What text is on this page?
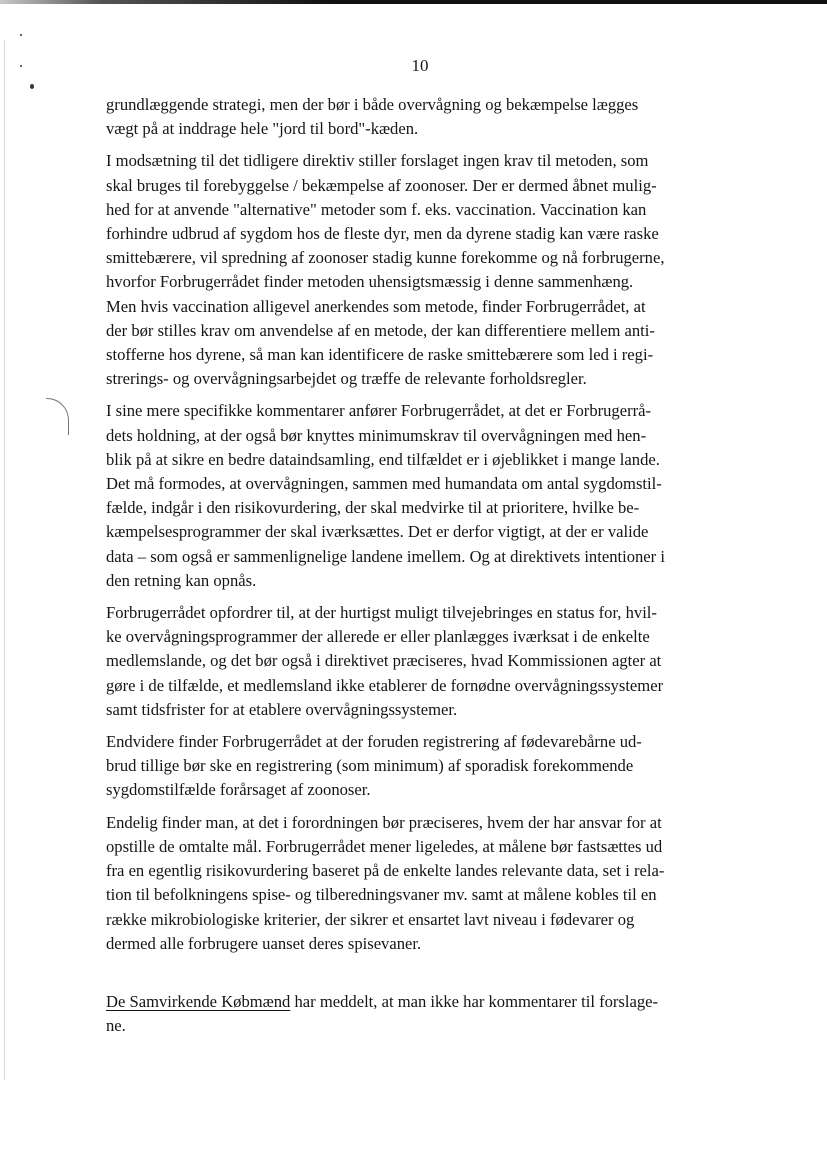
10

grundlæggende strategi, men der bør i både overvågning og bekæmpelse lægges
vægt på at inddrage hele "jord til bord"-kæden.

I modsætning til det tidligere direktiv stiller forslaget ingen krav til metoden, som
skal bruges til forebyggelse / bekæmpelse af zoonoser. Der er dermed åbnet mulig-
hed for at anvende "alternative" metoder som f. eks. vaccination. Vaccination kan
forhindre udbrud af sygdom hos de fleste dyr, men da dyrene stadig kan være raske
smittebærere, vil spredning af zoonoser stadig kunne forekomme og nå forbrugerne,
hvorfor Forbrugerrådet finder metoden uhensigtsmæssig i denne sammenhæng.
Men hvis vaccination alligevel anerkendes som metode, finder Forbrugerrådet, at
der bør stilles krav om anvendelse af en metode, der kan differentiere mellem anti-
stofferne hos dyrene, så man kan identificere de raske smittebærere som led i regi-
strerings- og overvågningsarbejdet og træffe de relevante forholdsregler.

I sine mere specifikke kommentarer anfører Forbrugerrådet, at det er Forbrugerrå-
dets holdning, at der også bør knyttes minimumskrav til overvågningen med hen-
blik på at sikre en bedre dataindsamling, end tilfældet er i øjeblikket i mange lande.
Det må formodes, at overvågningen, sammen med humandata om antal sygdomstil-
fælde, indgår i den risikovurdering, der skal medvirke til at prioritere, hvilke be-
kæmpelsesprogrammer der skal iværksættes. Det er derfor vigtigt, at der er valide
data – som også er sammenlignelige landene imellem. Og at direktivets intentioner i
den retning kan opnås.

Forbrugerrådet opfordrer til, at der hurtigst muligt tilvejebringes en status for, hvil-
ke overvågningsprogrammer der allerede er eller planlægges iværksat i de enkelte
medlemslande, og det bør også i direktivet præciseres, hvad Kommissionen agter at
gøre i de tilfælde, et medlemsland ikke etablerer de fornødne overvågningssystemer
samt tidsfrister for at etablere overvågningssystemer.

Endvidere finder Forbrugerrådet at der foruden registrering af fødevarebårne ud-
brud tillige bør ske en registrering (som minimum) af sporadisk forekommende
sygdomstilfælde forårsaget af zoonoser.

Endelig finder man, at det i forordningen bør præciseres, hvem der har ansvar for at
opstille de omtalte mål. Forbrugerrådet mener ligeledes, at målene bør fastsættes ud
fra en egentlig risikovurdering baseret på de enkelte landes relevante data, set i rela-
tion til befolkningens spise- og tilberedningsvaner mv. samt at målene kobles til en
række mikrobiologiske kriterier, der sikrer et ensartet lavt niveau i fødevarer og
dermed alle forbrugere uanset deres spisevaner.

De Samvirkende Købmænd har meddelt, at man ikke har kommentarer til forslage-
ne.
